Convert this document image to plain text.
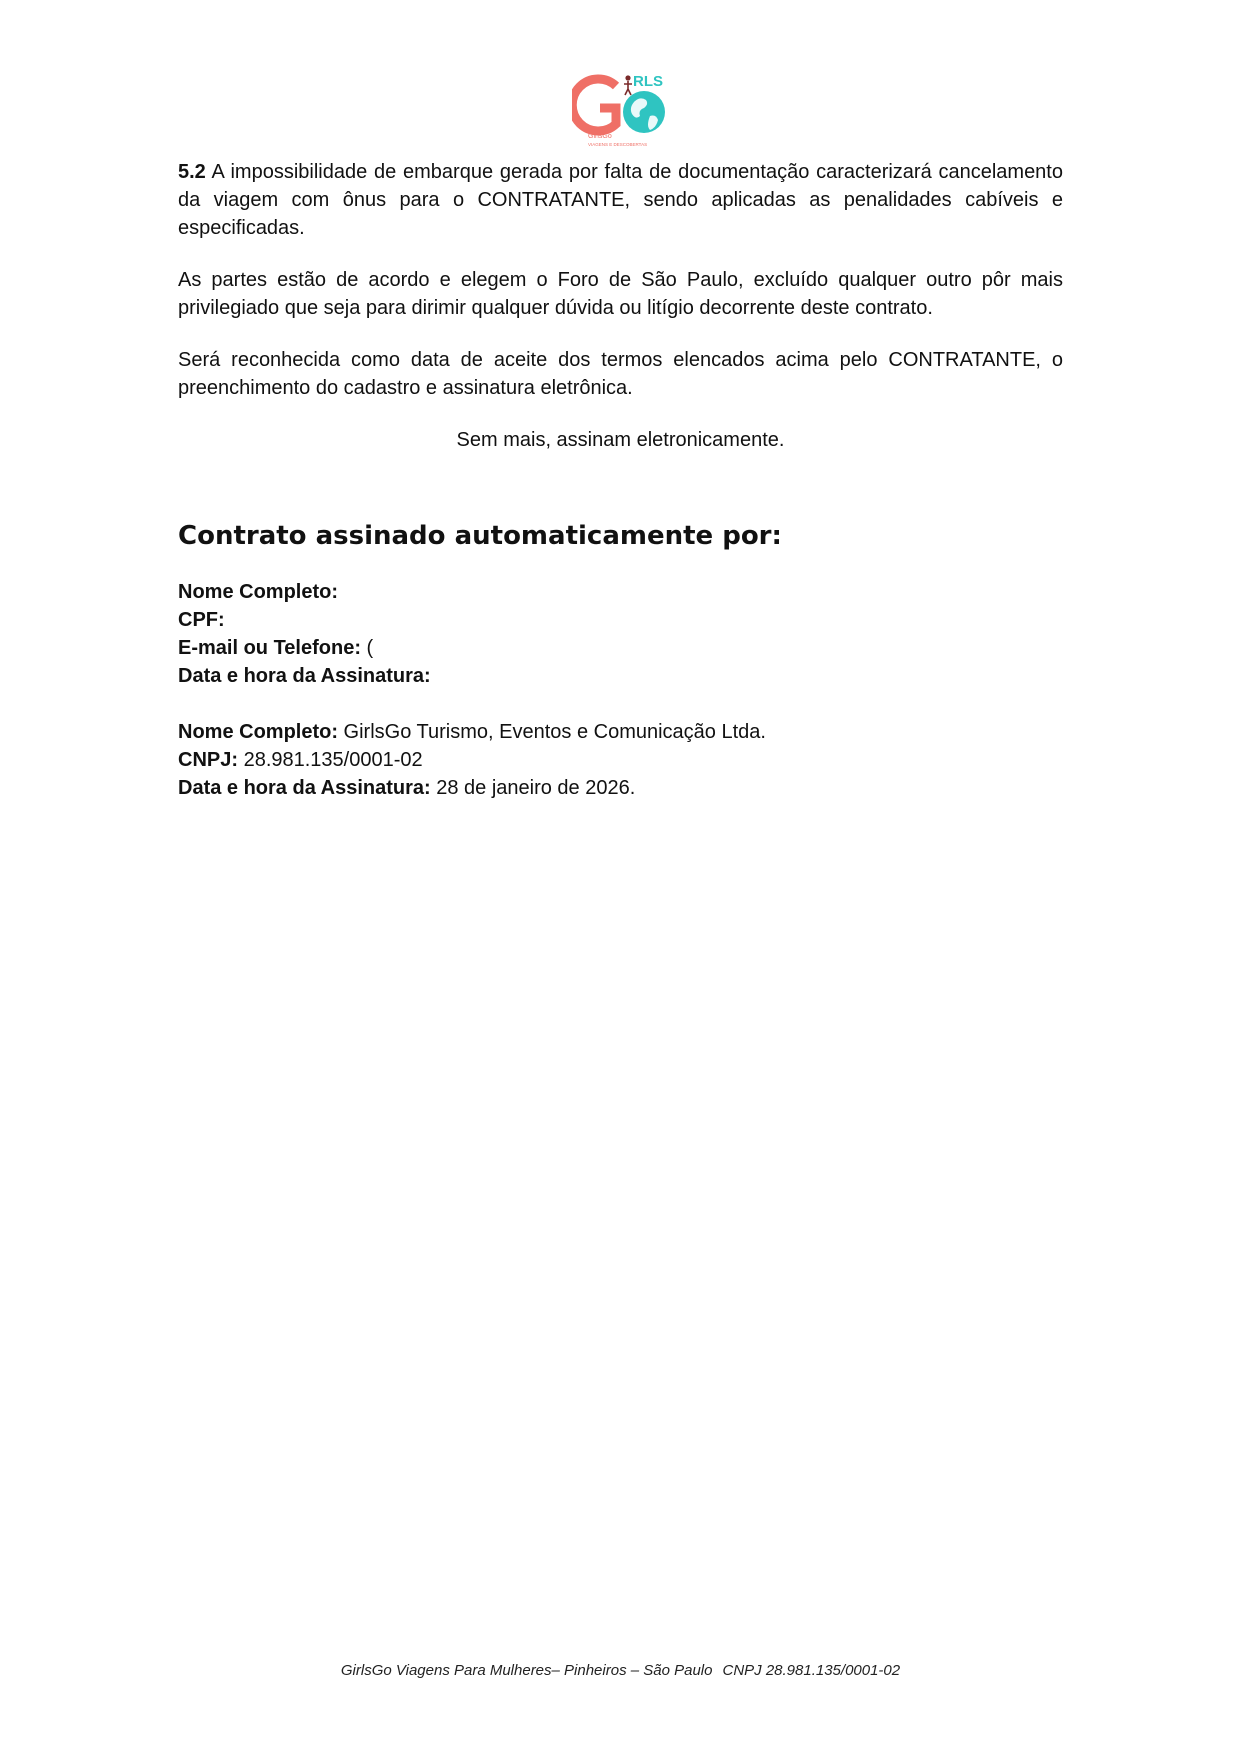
RLS
GirlsGo
VIAGENS E DESCOBERTAS

5.2 A impossibilidade de embarque gerada por falta de documentação caracterizará cancelamento da viagem com ônus para o CONTRATANTE, sendo aplicadas as penalidades cabíveis e especificadas.

As partes estão de acordo e elegem o Foro de São Paulo, excluído qualquer outro pôr mais privilegiado que seja para dirimir qualquer dúvida ou litígio decorrente deste contrato.

Será reconhecida como data de aceite dos termos elencados acima pelo CONTRATANTE, o preenchimento do cadastro e assinatura eletrônica.

Sem mais, assinam eletronicamente.

Contrato assinado automaticamente por:
Nome Completo:
CPF:
E-mail ou Telefone: (
Data e hora da Assinatura:
Nome Completo: GirlsGo Turismo, Eventos e Comunicação Ltda.
CNPJ: 28.981.135/0001-02
Data e hora da Assinatura: 28 de janeiro de 2026.
GirlsGo Viagens Para Mulheres– Pinheiros – São Paulo CNPJ 28.981.135/0001-02
